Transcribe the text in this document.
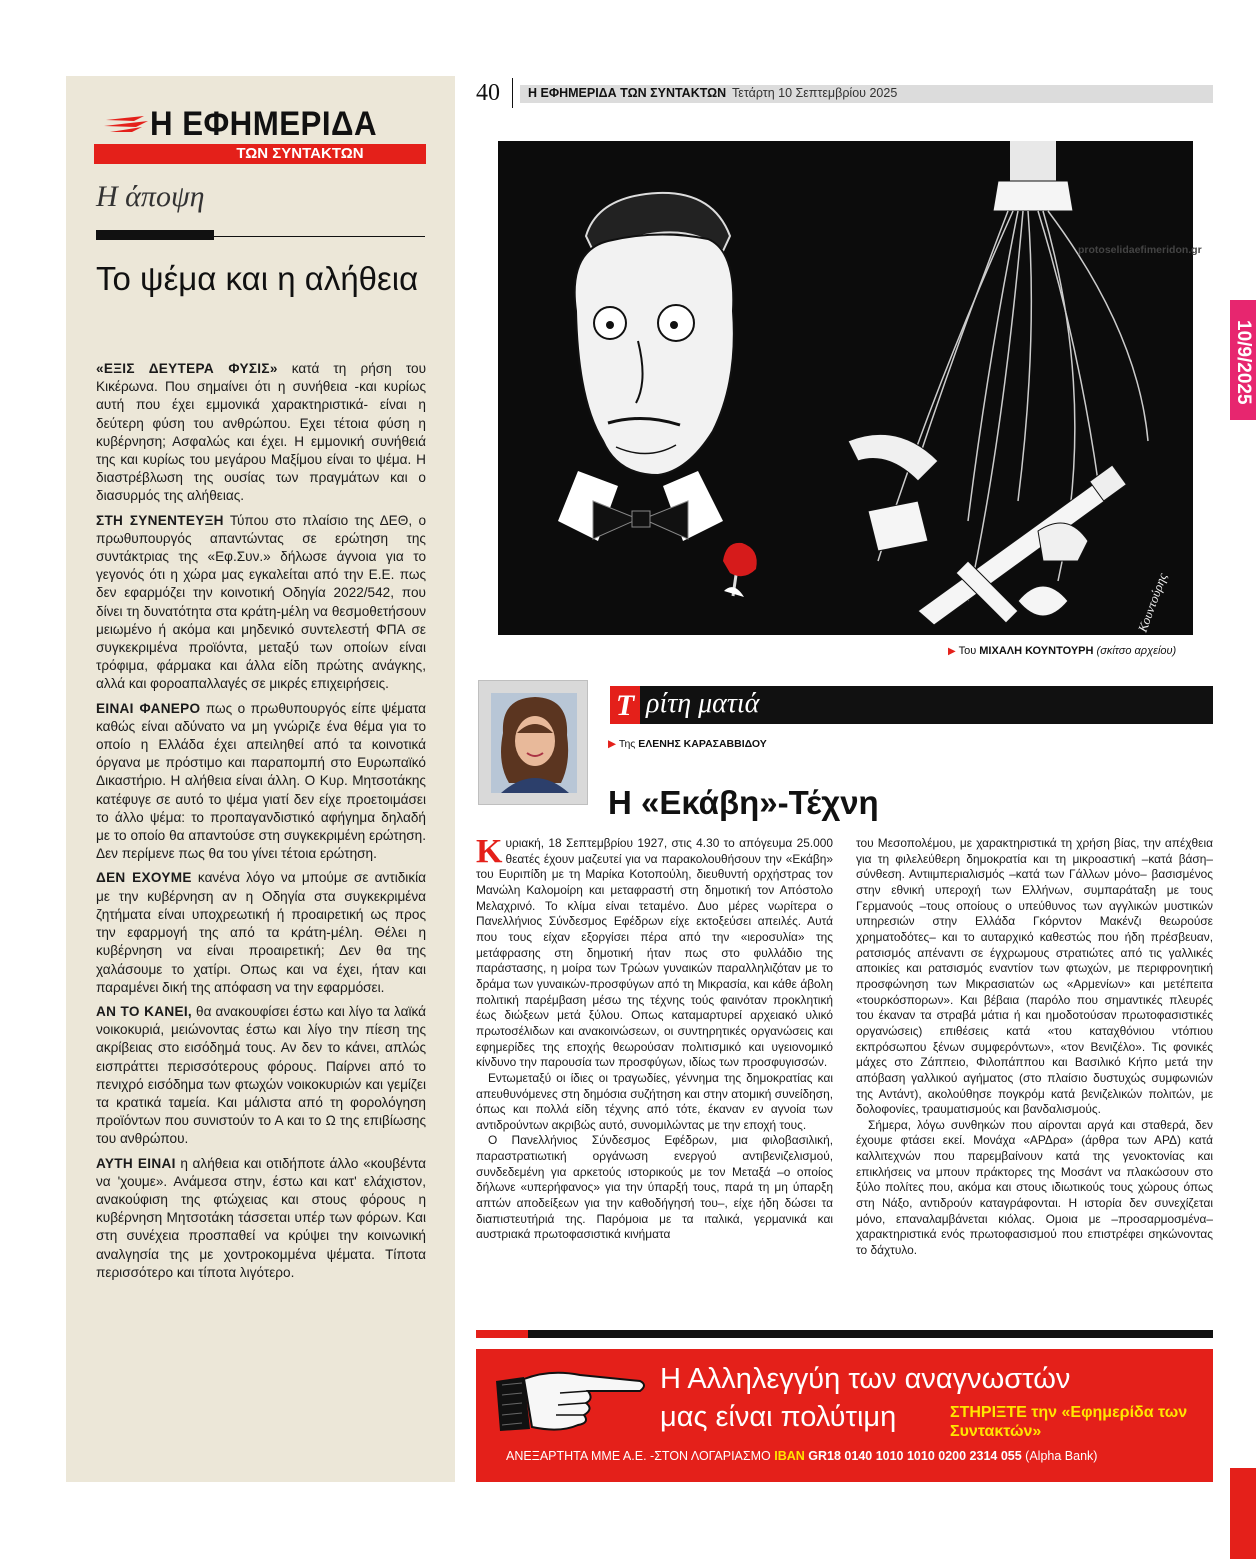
Η ΕΦΗΜΕΡΙΔΑ
ΤΩΝ ΣΥΝΤΑΚΤΩΝ
Η άποψη
Το ψέμα και η αλήθεια

«ΕΞΙΣ ΔΕΥΤΕΡΑ ΦΥΣΙΣ» κατά τη ρήση του Κικέρωνα. Που σημαίνει ότι η συνήθεια -και κυρίως αυτή που έχει εμμονικά χαρακτηριστικά- είναι η δεύτερη φύση του ανθρώπου. Εχει τέτοια φύση η κυβέρνηση; Ασφαλώς και έχει. Η εμμονική συνήθειά της και κυρίως του μεγάρου Μαξίμου είναι το ψέμα. Η διαστρέβλωση της ουσίας των πραγμάτων και ο διασυρμός της αλήθειας.

ΣΤΗ ΣΥΝΕΝΤΕΥΞΗ Τύπου στο πλαίσιο της ΔΕΘ, ο πρωθυπουργός απαντώντας σε ερώτηση της συντάκτριας της «Εφ.Συν.» δήλωσε άγνοια για το γεγονός ότι η χώρα μας εγκαλείται από την Ε.Ε. πως δεν εφαρμόζει την κοινοτική Οδηγία 2022/542, που δίνει τη δυνατότητα στα κράτη-μέλη να θεσμοθετήσουν μειωμένο ή ακόμα και μηδενικό συντελεστή ΦΠΑ σε συγκεκριμένα προϊόντα, μεταξύ των οποίων είναι τρόφιμα, φάρμακα και άλλα είδη πρώτης ανάγκης, αλλά και φοροαπαλλαγές σε μικρές επιχειρήσεις.

ΕΙΝΑΙ ΦΑΝΕΡΟ πως ο πρωθυπουργός είπε ψέματα καθώς είναι αδύνατο να μη γνώριζε ένα θέμα για το οποίο η Ελλάδα έχει απειληθεί από τα κοινοτικά όργανα με πρόστιμο και παραπομπή στο Ευρωπαϊκό Δικαστήριο. Η αλήθεια είναι άλλη. Ο Κυρ. Μητσοτάκης κατέφυγε σε αυτό το ψέμα γιατί δεν είχε προετοιμάσει το άλλο ψέμα: το προπαγανδιστικό αφήγημα δηλαδή με το οποίο θα απαντούσε στη συγκεκριμένη ερώτηση. Δεν περίμενε πως θα του γίνει τέτοια ερώτηση.

ΔΕΝ ΕΧΟΥΜΕ κανένα λόγο να μπούμε σε αντιδικία με την κυβέρνηση αν η Οδηγία στα συγκεκριμένα ζητήματα είναι υποχρεωτική ή προαιρετική ως προς την εφαρμογή της από τα κράτη-μέλη. Θέλει η κυβέρνηση να είναι προαιρετική; Δεν θα της χαλάσουμε το χατίρι. Οπως και να έχει, ήταν και παραμένει δική της απόφαση να την εφαρμόσει.

ΑΝ ΤΟ ΚΑΝΕΙ, θα ανακουφίσει έστω και λίγο τα λαϊκά νοικοκυριά, μειώνοντας έστω και λίγο την πίεση της ακρίβειας στο εισόδημά τους. Αν δεν το κάνει, απλώς εισπράττει περισσότερους φόρους. Παίρνει από το πενιχρό εισόδημα των φτωχών νοικοκυριών και γεμίζει τα κρατικά ταμεία. Και μάλιστα από τη φορολόγηση προϊόντων που συνιστούν το Α και το Ω της επιβίωσης του ανθρώπου.

ΑΥΤΗ ΕΙΝΑΙ η αλήθεια και οτιδήποτε άλλο «κουβέντα να 'χουμε». Ανάμεσα στην, έστω και κατ' ελάχιστον, ανακούφιση της φτώχειας και στους φόρους η κυβέρνηση Μητσοτάκη τάσσεται υπέρ των φόρων. Και στη συνέχεια προσπαθεί να κρύψει την κοινωνική αναλγησία της με χοντροκομμένα ψέματα. Τίποτα περισσότερο και τίποτα λιγότερο.

40 Η ΕΦΗΜΕΡΙΔΑ ΤΩΝ ΣΥΝΤΑΚΤΩΝ Τετάρτη 10 Σεπτεμβρίου 2025
Κουντούρης
protoselidaefimeridon.gr
▶ Του ΜΙΧΑΛΗ ΚΟΥΝΤΟΥΡΗ (σκίτσο αρχείου)
10/9/2025
Τ ρίτη ματιά
▶ Της ΕΛΕΝΗΣ ΚΑΡΑΣΑΒΒΙΔΟΥ
Η «Εκάβη»-Τέχνη

Κυριακή, 18 Σεπτεμβρίου 1927, στις 4.30 το απόγευμα 25.000 θεατές έχουν μαζευτεί για να παρακολουθήσουν την «Εκάβη» του Ευριπίδη με τη Μαρίκα Κοτοπούλη, διευθυντή ορχήστρας τον Μανώλη Καλομοίρη και μεταφραστή στη δημοτική τον Απόστολο Μελαχρινό. Το κλίμα είναι τεταμένο. Δυο μέρες νωρίτερα ο Πανελλήνιος Σύνδεσμος Εφέδρων είχε εκτοξεύσει απειλές. Αυτά που τους είχαν εξοργίσει πέρα από την «ιεροσυλία» της μετάφρασης στη δημοτική ήταν πως στο φυλλάδιο της παράστασης, η μοίρα των Τρώων γυναικών παραλληλιζόταν με το δράμα των γυναικών-προσφύγων από τη Μικρασία, και κάθε άβολη πολιτική παρέμβαση μέσω της τέχνης τούς φαινόταν προκλητική έως διώξεων μετά ξύλου. Οπως καταμαρτυρεί αρχειακό υλικό πρωτοσέλιδων και ανακοινώσεων, οι συντηρητικές οργανώσεις και εφημερίδες της εποχής θεωρούσαν πολιτισμικό και υγειονομικό κίνδυνο την παρουσία των προσφύγων, ιδίως των προσφυγισσών.

Εντωμεταξύ οι ίδιες οι τραγωδίες, γέννημα της δημοκρατίας και απευθυνόμενες στη δημόσια συζήτηση και στην ατομική συνείδηση, όπως και πολλά είδη τέχνης από τότε, έκαναν εν αγνοία των αντιδρούντων ακριβώς αυτό, συνομιλώντας με την εποχή τους.

Ο Πανελλήνιος Σύνδεσμος Εφέδρων, μια φιλοβασιλική, παραστρατιωτική οργάνωση ενεργού αντιβενιζελισμού, συνδεδεμένη για αρκετούς ιστορικούς με τον Μεταξά –ο οποίος δήλωνε «υπερήφανος» για την ύπαρξή τους, παρά τη μη ύπαρξη απτών αποδείξεων για την καθοδήγησή του–, είχε ήδη δώσει τα διαπιστευτήριά της. Παρόμοια με τα ιταλικά, γερμανικά και αυστριακά πρωτοφασιστικά κινήματα

του Μεσοπολέμου, με χαρακτηριστικά τη χρήση βίας, την απέχθεια για τη φιλελεύθερη δημοκρατία και τη μικροαστική –κατά βάση– σύνθεση. Αντιιμπεριαλισμός –κατά των Γάλλων μόνο– βασισμένος στην εθνική υπεροχή των Ελλήνων, συμπαράταξη με τους Γερμανούς –τους οποίους ο υπεύθυνος των αγγλικών μυστικών υπηρεσιών στην Ελλάδα Γκόρντον Μακένζι θεωρούσε χρηματοδότες– και το αυταρχικό καθεστώς που ήδη πρέσβευαν, ρατσισμός απέναντι σε έγχρωμους στρατιώτες από τις γαλλικές αποικίες και ρατσισμός εναντίον των φτωχών, με περιφρονητική προσφώνηση των Μικρασιατών ως «Αρμενίων» και μετέπειτα «τουρκόσπορων». Και βέβαια (παρόλο που σημαντικές πλευρές του έκαναν τα στραβά μάτια ή και ημοδοτούσαν πρωτοφασιστικές οργανώσεις) επιθέσεις κατά «του καταχθόνιου ντόπιου εκπρόσωπου ξένων συμφερόντων», «τον Βενιζέλο». Τις φονικές μάχες στο Ζάππειο, Φιλοπάππου και Βασιλικό Κήπο μετά την απόβαση γαλλικού αγήματος (στο πλαίσιο δυστυχώς συμφωνιών της Αντάντ), ακολούθησε πογκρόμ κατά βενιζελικών πολιτών, με δολοφονίες, τραυματισμούς και βανδαλισμούς.

Σήμερα, λόγω συνθηκών που αίρονται αργά και σταθερά, δεν έχουμε φτάσει εκεί. Μονάχα «ΑΡΔρα» (άρθρα των ΑΡΔ) κατά καλλιτεχνών που παρεμβαίνουν κατά της γενοκτονίας και επικλήσεις να μπουν πράκτορες της Μοσάντ να πλακώσουν στο ξύλο πολίτες που, ακόμα και στους ιδιωτικούς τους χώρους όπως στη Νάξο, αντιδρούν καταγράφονται. Η ιστορία δεν συνεχίζεται μόνο, επαναλαμβάνεται κιόλας. Ομοια με –προσαρμοσμένα– χαρακτηριστικά ενός πρωτοφασισμού που επιστρέφει σηκώνοντας το δάχτυλο.

Η Αλληλεγγύη των αναγνωστών
μας είναι πολύτιμη	ΣΤΗΡΙΞΤΕ την «Εφημερίδα των Συντακτών»
ΑΝΕΞΑΡΤΗΤΑ ΜΜΕ Α.Ε. -ΣΤΟΝ ΛΟΓΑΡΙΑΣΜΟ IBAN GR18 0140 1010 1010 0200 2314 055 (Alpha Bank)
